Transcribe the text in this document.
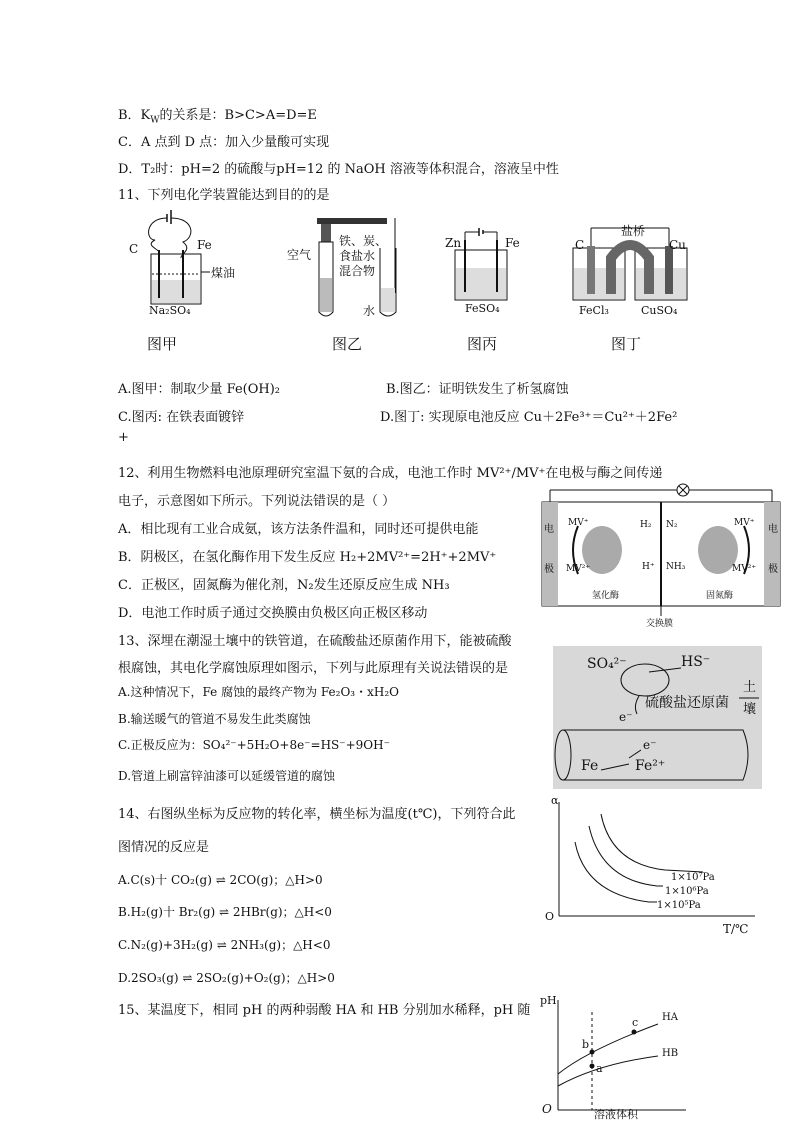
B．$K_W$的关系是：B>C>A=D=E
C．A 点到 D 点：加入少量酸可实现
D．T₂时：pH=2 的硫酸与pH=12 的 NaOH 溶液等体积混合，溶液呈中性
11、下列电化学装置能达到目的的是
C	Fe
煤油
Na₂SO₄
图甲
空气
铁、炭、
食盐水
混合物
水
图乙
Zn	Fe
FeSO₄
图丙
盐桥
C	Cu
FeCl₃	CuSO₄
图丁
A.图甲：制取少量 Fe(OH)₂	B.图乙：证明铁发生了析氢腐蚀
C.图丙: 在铁表面镀锌	D.图丁: 实现原电池反应 Cu＋2Fe³⁺＝Cu²⁺＋2Fe²
+
12、利用生物燃料电池原理研究室温下氨的合成，电池工作时 MV²⁺/MV⁺在电极与酶之间传递
电子，示意图如下所示。下列说法错误的是（ ）
A．相比现有工业合成氨，该方法条件温和，同时还可提供电能
B．阴极区，在氢化酶作用下发生反应 H₂+2MV²⁺=2H⁺+2MV⁺
C．正极区，固氮酶为催化剂，N₂发生还原反应生成 NH₃
D．电池工作时质子通过交换膜由负极区向正极区移动
电
极
MV⁺
MV²⁺
H₂
H⁺
N₂
NH₃
MV⁺
MV²⁺
电
极
氢化酶	固氮酶
交换膜
13、深埋在潮湿土壤中的铁管道，在硫酸盐还原菌作用下，能被硫酸
根腐蚀，其电化学腐蚀原理如图示，下列与此原理有关说法错误的是
A.这种情况下，Fe 腐蚀的最终产物为 Fe₂O₃・xH₂O
B.输送暖气的管道不易发生此类腐蚀
C.正极反应为：SO₄²⁻+5H₂O+8e⁻=HS⁻+9OH⁻
D.管道上刷富锌油漆可以延缓管道的腐蚀
SO₄²⁻	HS⁻
e⁻
硫酸盐还原菌
土
壤
Fe
e⁻
Fe²⁺
14、右图纵坐标为反应物的转化率，横坐标为温度(t℃)，下列符合此
图情况的反应是
A.C(s)十 CO₂(g) ⇌ 2CO(g)；△H>0
B.H₂(g)十 Br₂(g) ⇌ 2HBr(g)；△H<0
C.N₂(g)+3H₂(g) ⇌ 2NH₃(g)；△H<0
D.2SO₃(g) ⇌ 2SO₂(g)+O₂(g)；△H>0
α
O
T/℃
1×10⁷Pa
1×10⁶Pa
1×10⁵Pa
15、某温度下，相同 pH 的两种弱酸 HA 和 HB 分别加水稀释，pH 随
pH
O	溶液体积
HA
HB
b
a
c
